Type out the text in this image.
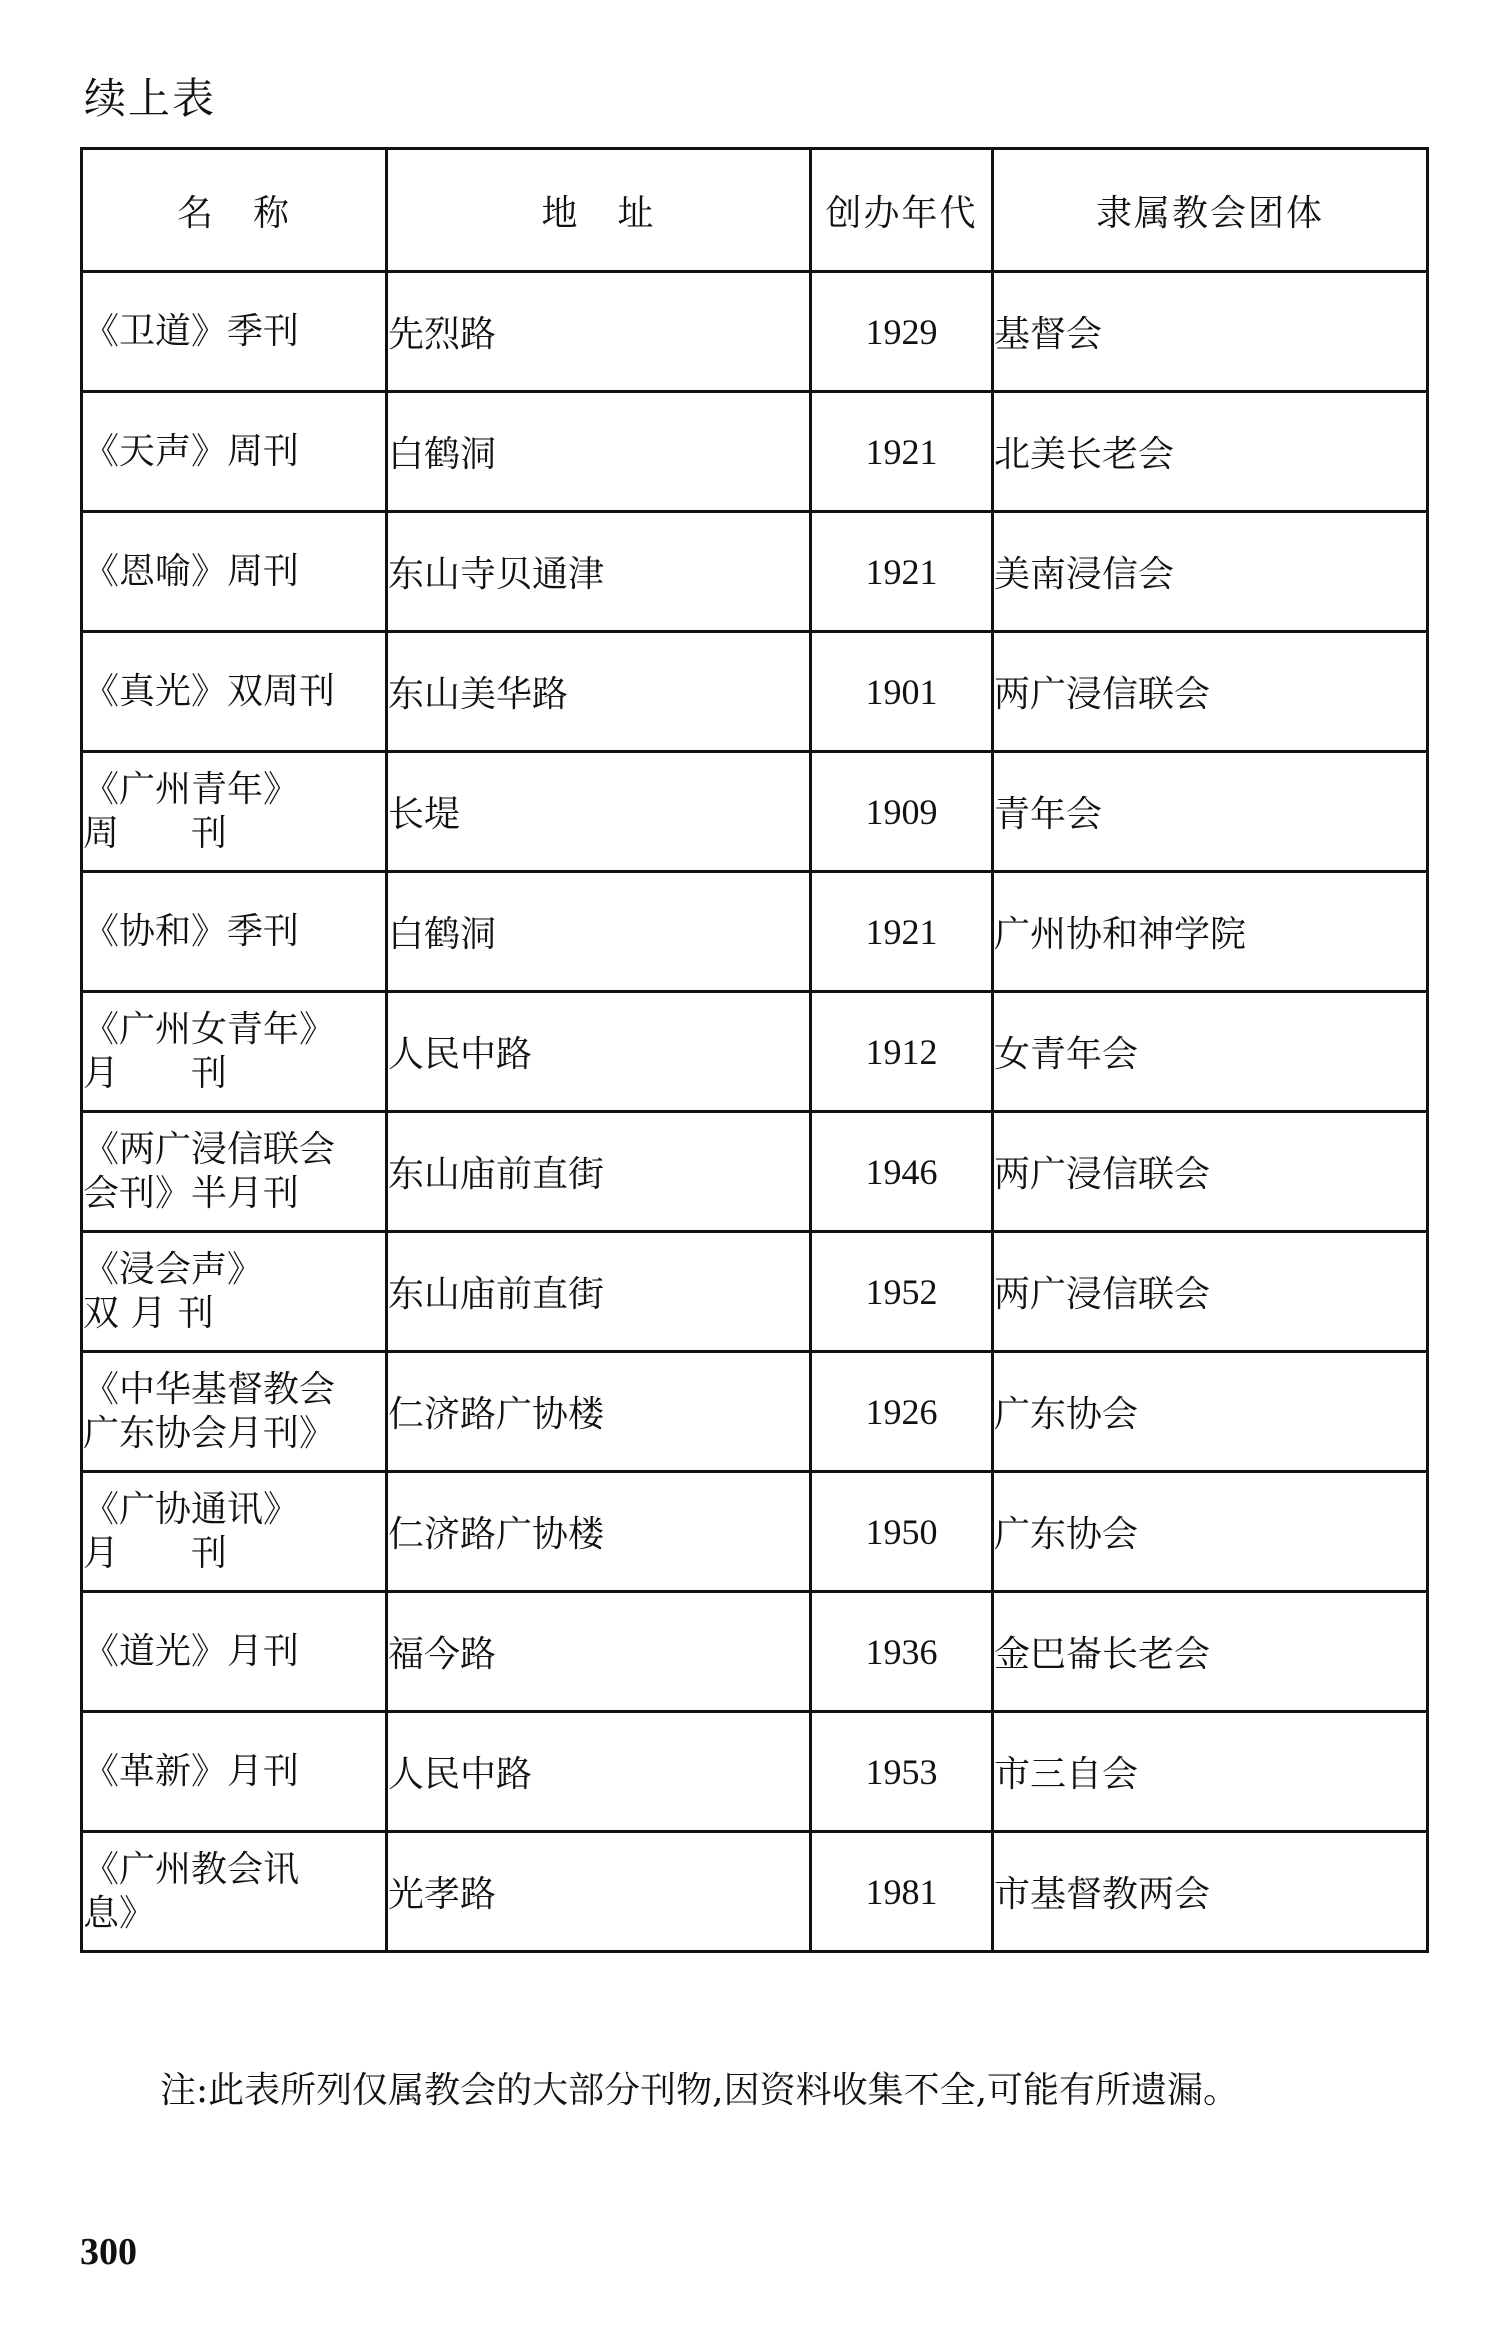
续上表
名　称	地　址	创办年代	隶属教会团体

《卫道》季刊	先烈路	1929	基督会

《天声》周刊	白鹤洞	1921	北美长老会

《恩喻》周刊	东山寺贝通津	1921	美南浸信会

《真光》双周刊	东山美华路	1901	两广浸信联会

《广州青年》
周　　刊	长堤	1909	青年会

《协和》季刊	白鹤洞	1921	广州协和神学院

《广州女青年》
月　　刊	人民中路	1912	女青年会

《两广浸信联会
会刊》半月刊	东山庙前直街	1946	两广浸信联会

《浸会声》
双 月 刊	东山庙前直街	1952	两广浸信联会

《中华基督教会
广东协会月刊》	仁济路广协楼	1926	广东协会

《广协通讯》
月　　刊	仁济路广协楼	1950	广东协会

《道光》月刊	福今路	1936	金巴崙长老会

《革新》月刊	人民中路	1953	市三自会

《广州教会讯
息》	光孝路	1981	市基督教两会
注:此表所列仅属教会的大部分刊物,因资料收集不全,可能有所遗漏。
300
